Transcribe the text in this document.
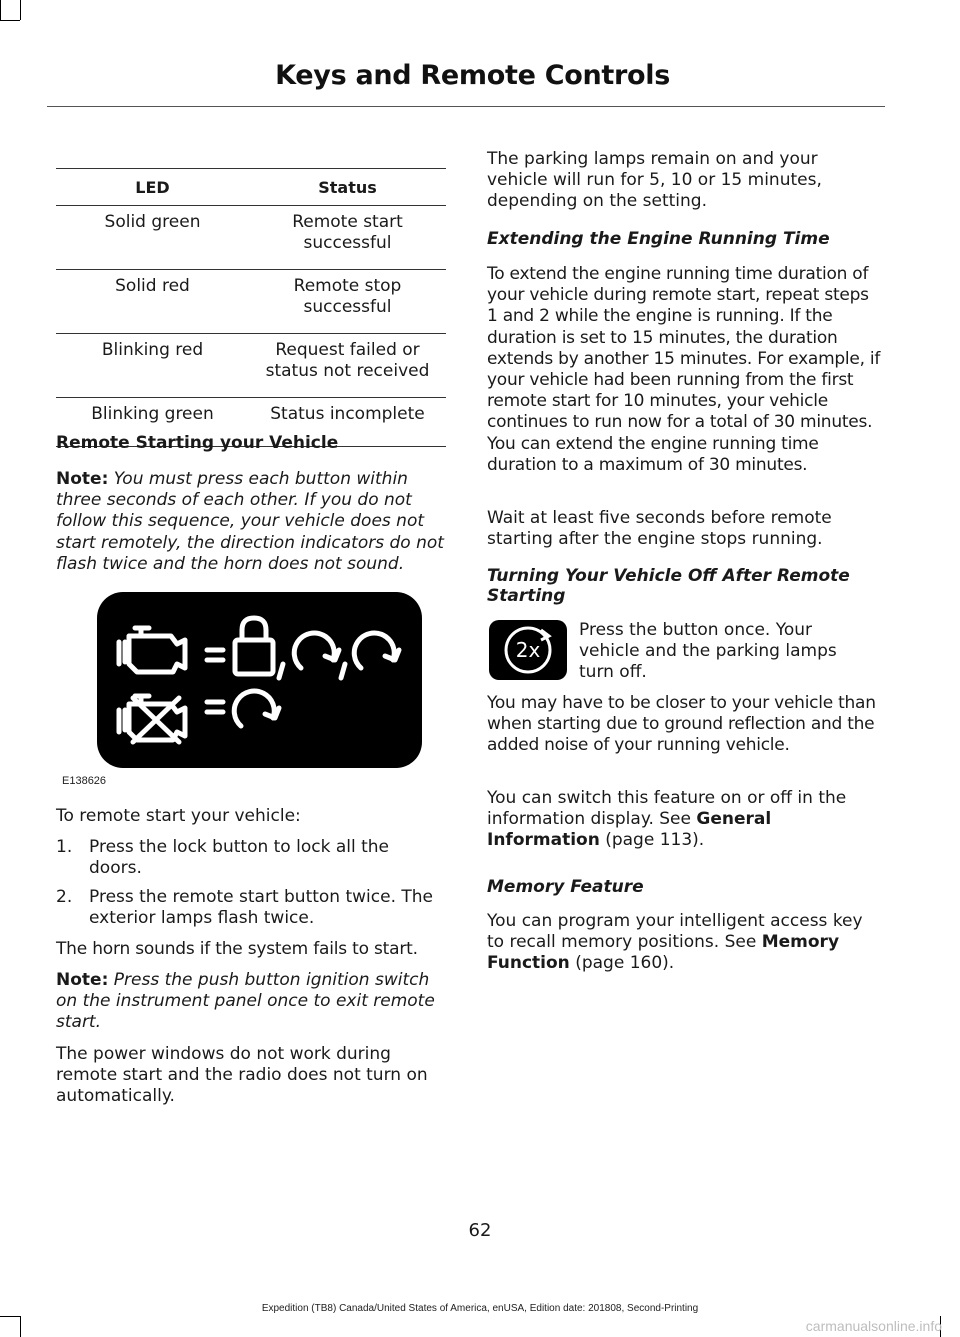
Keys and Remote Controls
LED	Status
Solid green	Remote start successful

Solid red	Remote stop successful

Blinking red	Request failed or status not received

Blinking green	Status incomplete
Remote Starting your Vehicle

Note: You must press each button within three seconds of each other. If you do not follow this sequence, your vehicle does not start remotely, the direction indicators do not flash twice and the horn does not sound.

E138626

To remote start your vehicle:

1. Press the lock button to lock all the doors.

2. Press the remote start button twice. The exterior lamps flash twice.

The horn sounds if the system fails to start.

Note: Press the push button ignition switch on the instrument panel once to exit remote start.

The power windows do not work during remote start and the radio does not turn on automatically.

The parking lamps remain on and your vehicle will run for 5, 10 or 15 minutes, depending on the setting.

Extending the Engine Running Time

To extend the engine running time duration of your vehicle during remote start, repeat steps 1 and 2 while the engine is running. If the duration is set to 15 minutes, the duration extends by another 15 minutes. For example, if your vehicle had been running from the first remote start for 10 minutes, your vehicle continues to run now for a total of 30 minutes. You can extend the engine running time duration to a maximum of 30 minutes.

Wait at least five seconds before remote starting after the engine stops running.

Turning Your Vehicle Off After Remote Starting
2x

Press the button once. Your vehicle and the parking lamps turn off.

You may have to be closer to your vehicle than when starting due to ground reflection and the added noise of your running vehicle.

You can switch this feature on or off in the information display. See General Information (page 113).

Memory Feature

You can program your intelligent access key to recall memory positions. See Memory Function (page 160).

62
Expedition (TB8) Canada/United States of America, enUSA, Edition date: 201808, Second-Printing
carmanualsonline.info
